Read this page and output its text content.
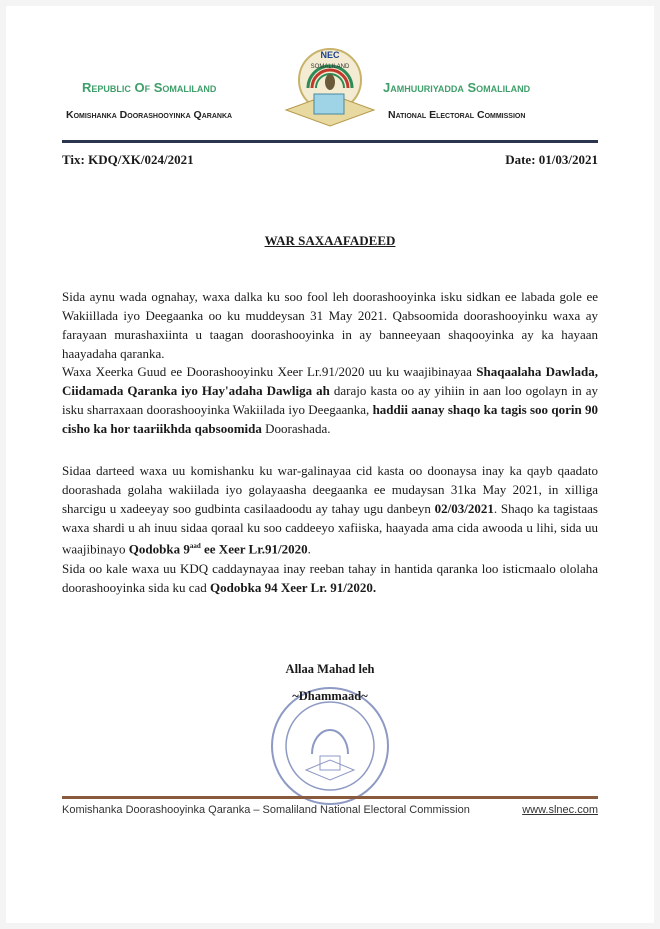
Republic Of Somaliland
Komishanka Doorashooyinka Qaranka
Jamhuuriyadda Somaliland
National Electoral Commission
NEC
SOMALILAND
Tix: KDQ/XK/024/2021	Date: 01/03/2021
WAR SAXAAFADEED

Sida aynu wada ognahay, waxa dalka ku soo fool leh doorashooyinka isku sidkan ee labada gole ee Wakiillada iyo Deegaanka oo ku muddeysan 31 May 2021. Qabsoomida doorashooyinku waxa ay farayaan murashaxiinta u taagan doorashooyinka in ay banneeyaan shaqooyinka ay ka hayaan haayadaha qaranka.

Waxa Xeerka Guud ee Doorashooyinku Xeer Lr.91/2020 uu ku waajibinayaa Shaqaalaha Dawlada, Ciidamada Qaranka iyo Hay'adaha Dawliga ah darajo kasta oo ay yihiin in aan loo ogolayn in ay isku sharraxaan doorashooyinka Wakiilada iyo Deegaanka, haddii aanay shaqo ka tagis soo qorin 90 cisho ka hor taariikhda qabsoomida Doorashada.

Sidaa darteed waxa uu komishanku ku war-galinayaa cid kasta oo doonaysa inay ka qayb qaadato doorashada golaha wakiilada iyo golayaasha deegaanka ee mudaysan 31ka May 2021, in xilliga sharcigu u xadeeyay soo gudbinta casilaadoodu ay tahay ugu danbeyn 02/03/2021. Shaqo ka tagistaas waxa shardi u ah inuu sidaa qoraal ku soo caddeeyo xafiiska, haayada ama cida awooda u lihi, sida uu waajibinayo Qodobka $9^{aad}$ ee Xeer Lr.91/2020.

Sida oo kale waxa uu KDQ caddaynayaa inay reeban tahay in hantida qaranka loo isticmaalo ololaha doorashooyinka sida ku cad Qodobka 94 Xeer Lr. 91/2020.

Allaa Mahad leh
~Dhammaad~
Komishanka Doorashooyinka Qaranka – Somaliland National Electoral Commission	www.slnec.com
